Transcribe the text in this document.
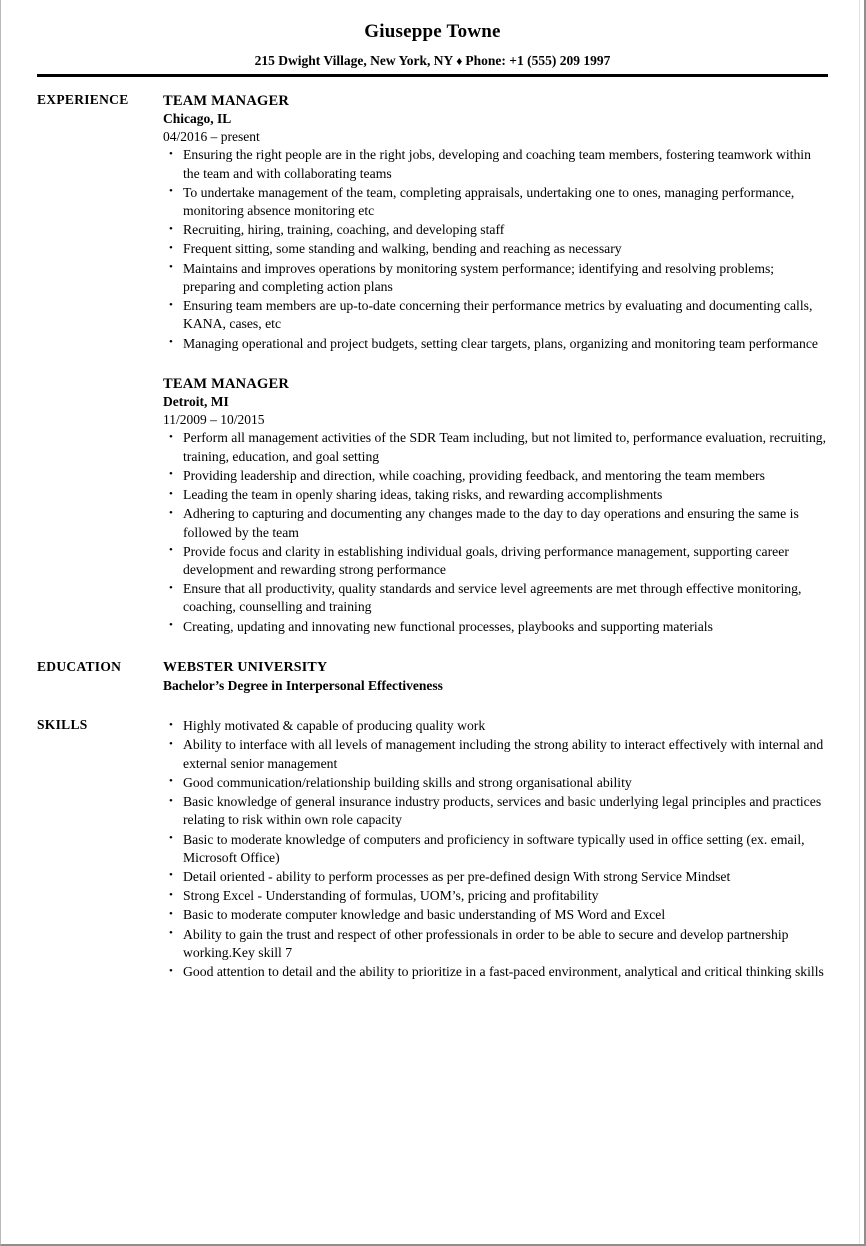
Giuseppe Towne
215 Dwight Village, New York, NY ♦ Phone: +1 (555) 209 1997
EXPERIENCE	TEAM MANAGER
Chicago, IL
04/2016 – present
• Ensuring the right people are in the right jobs, developing and coaching team members, fostering teamwork within the team and with collaborating teams
• To undertake management of the team, completing appraisals, undertaking one to ones, managing performance, monitoring absence monitoring etc
• Recruiting, hiring, training, coaching, and developing staff
• Frequent sitting, some standing and walking, bending and reaching as necessary
• Maintains and improves operations by monitoring system performance; identifying and resolving problems; preparing and completing action plans
• Ensuring team members are up-to-date concerning their performance metrics by evaluating and documenting calls, KANA, cases, etc
• Managing operational and project budgets, setting clear targets, plans, organizing and monitoring team performance
TEAM MANAGER
Detroit, MI
11/2009 – 10/2015
• Perform all management activities of the SDR Team including, but not limited to, performance evaluation, recruiting, training, education, and goal setting
• Providing leadership and direction, while coaching, providing feedback, and mentoring the team members
• Leading the team in openly sharing ideas, taking risks, and rewarding accomplishments
• Adhering to capturing and documenting any changes made to the day to day operations and ensuring the same is followed by the team
• Provide focus and clarity in establishing individual goals, driving performance management, supporting career development and rewarding strong performance
• Ensure that all productivity, quality standards and service level agreements are met through effective monitoring, coaching, counselling and training
• Creating, updating and innovating new functional processes, playbooks and supporting materials
EDUCATION	WEBSTER UNIVERSITY
Bachelor’s Degree in Interpersonal Effectiveness
SKILLS	• Highly motivated & capable of producing quality work
• Ability to interface with all levels of management including the strong ability to interact effectively with internal and external senior management
• Good communication/relationship building skills and strong organisational ability
• Basic knowledge of general insurance industry products, services and basic underlying legal principles and practices relating to risk within own role capacity
• Basic to moderate knowledge of computers and proficiency in software typically used in office setting (ex. email, Microsoft Office)
• Detail oriented - ability to perform processes as per pre-defined design With strong Service Mindset
• Strong Excel - Understanding of formulas, UOM’s, pricing and profitability
• Basic to moderate computer knowledge and basic understanding of MS Word and Excel
• Ability to gain the trust and respect of other professionals in order to be able to secure and develop partnership working.Key skill 7
• Good attention to detail and the ability to prioritize in a fast-paced environment, analytical and critical thinking skills
